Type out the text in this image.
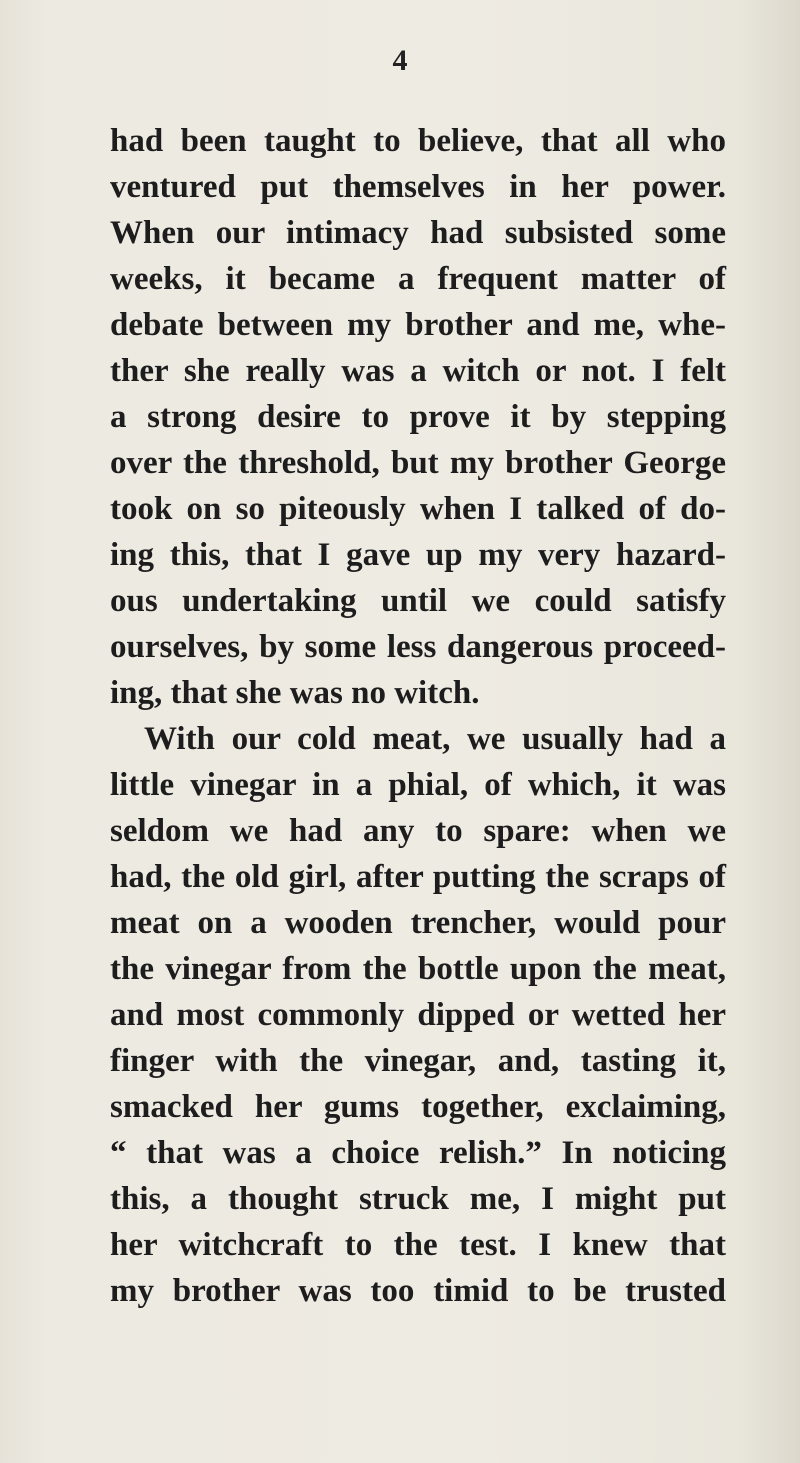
4
had been taught to believe, that all who
ventured put themselves in her power.
When our intimacy had subsisted some
weeks, it became a frequent matter of
debate between my brother and me, whe-
ther she really was a witch or not. I felt
a strong desire to prove it by stepping
over the threshold, but my brother George
took on so piteously when I talked of do-
ing this, that I gave up my very hazard-
ous undertaking until we could satisfy
ourselves, by some less dangerous proceed-
ing, that she was no witch.
With our cold meat, we usually had a
little vinegar in a phial, of which, it was
seldom we had any to spare: when we
had, the old girl, after putting the scraps of
meat on a wooden trencher, would pour
the vinegar from the bottle upon the meat,
and most commonly dipped or wetted her
finger with the vinegar, and, tasting it,
smacked her gums together, exclaiming,
“ that was a choice relish.” In noticing
this, a thought struck me, I might put
her witchcraft to the test. I knew that
my brother was too timid to be trusted
